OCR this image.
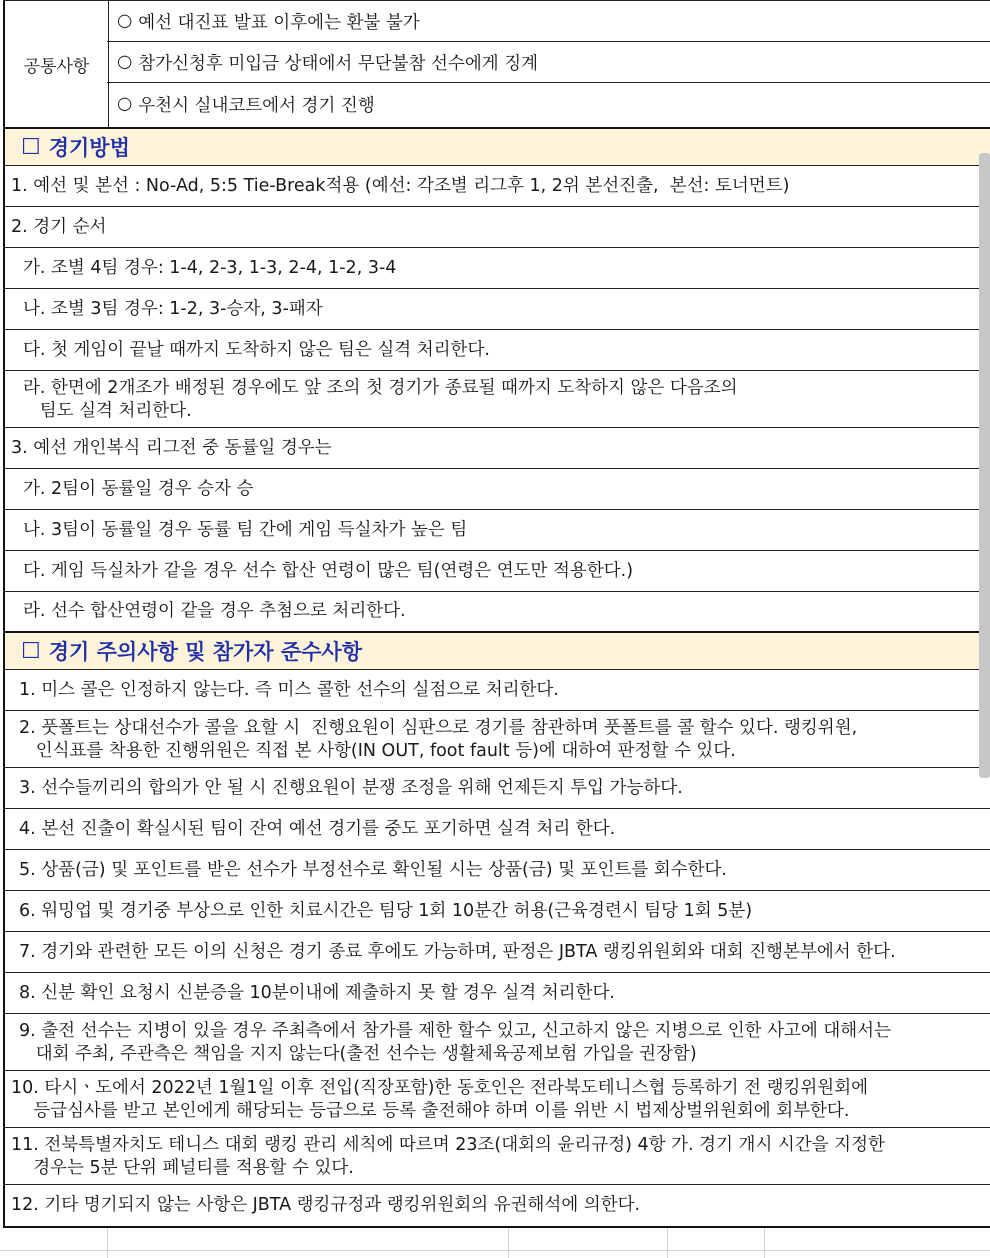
공통사항
○ 예선 대진표 발표 이후에는 환불 불가
○ 참가신청후 미입금 상태에서 무단불참 선수에게 징계
○ 우천시 실내코트에서 경기 진행
☐ 경기방법
1. 예선 및 본선 : No-Ad, 5:5 Tie-Break적용 (예선: 각조별 리그후 1, 2위 본선진출,  본선: 토너먼트)
2. 경기 순서
가. 조별 4팀 경우: 1-4, 2-3, 1-3, 2-4, 1-2, 3-4
나. 조별 3팀 경우: 1-2, 3-승자, 3-패자
다. 첫 게임이 끝날 때까지 도착하지 않은 팀은 실격 처리한다.
라. 한면에 2개조가 배정된 경우에도 앞 조의 첫 경기가 종료될 때까지 도착하지 않은 다음조의
팀도 실격 처리한다.
3. 예선 개인복식 리그전 중 동률일 경우는
가. 2팀이 동률일 경우 승자 승
나. 3팀이 동률일 경우 동률 팀 간에 게임 득실차가 높은 팀
다. 게임 득실차가 같을 경우 선수 합산 연령이 많은 팀(연령은 연도만 적용한다.)
라. 선수 합산연령이 같을 경우 추첨으로 처리한다.
☐ 경기 주의사항 및 참가자 준수사항
1. 미스 콜은 인정하지 않는다. 즉 미스 콜한 선수의 실점으로 처리한다.
2. 풋폴트는 상대선수가 콜을 요할 시  진행요원이 심판으로 경기를 참관하며 풋폴트를 콜 할수 있다. 랭킹위원,
인식표를 착용한 진행위원은 직접 본 사항(IN OUT, foot fault 등)에 대하여 판정할 수 있다.
3. 선수들끼리의 합의가 안 될 시 진행요원이 분쟁 조정을 위해 언제든지 투입 가능하다.
4. 본선 진출이 확실시된 팀이 잔여 예선 경기를 중도 포기하면 실격 처리 한다.
5. 상품(금) 및 포인트를 받은 선수가 부정선수로 확인될 시는 상품(금) 및 포인트를 회수한다.
6. 워밍업 및 경기중 부상으로 인한 치료시간은 팀당 1회 10분간 허용(근육경련시 팀당 1회 5분)
7. 경기와 관련한 모든 이의 신청은 경기 종료 후에도 가능하며, 판정은 JBTA 랭킹위원회와 대회 진행본부에서 한다.
8. 신분 확인 요청시 신분증을 10분이내에 제출하지 못 할 경우 실격 처리한다.
9. 출전 선수는 지병이 있을 경우 주최측에서 참가를 제한 할수 있고, 신고하지 않은 지병으로 인한 사고에 대해서는
대회 주최, 주관측은 책임을 지지 않는다(출전 선수는 생활체육공제보험 가입을 권장함)
10. 타시ㆍ도에서 2022년 1월1일 이후 전입(직장포함)한 동호인은 전라북도테니스협 등록하기 전 랭킹위원회에
등급심사를 받고 본인에게 해당되는 등급으로 등록 출전해야 하며 이를 위반 시 법제상벌위원회에 회부한다.
11. 전북특별자치도 테니스 대회 랭킹 관리 세칙에 따르며 23조(대회의 윤리규정) 4항 가. 경기 개시 시간을 지정한
경우는 5분 단위 페널티를 적용할 수 있다.
12. 기타 명기되지 않는 사항은 JBTA 랭킹규정과 랭킹위원회의 유권해석에 의한다.
